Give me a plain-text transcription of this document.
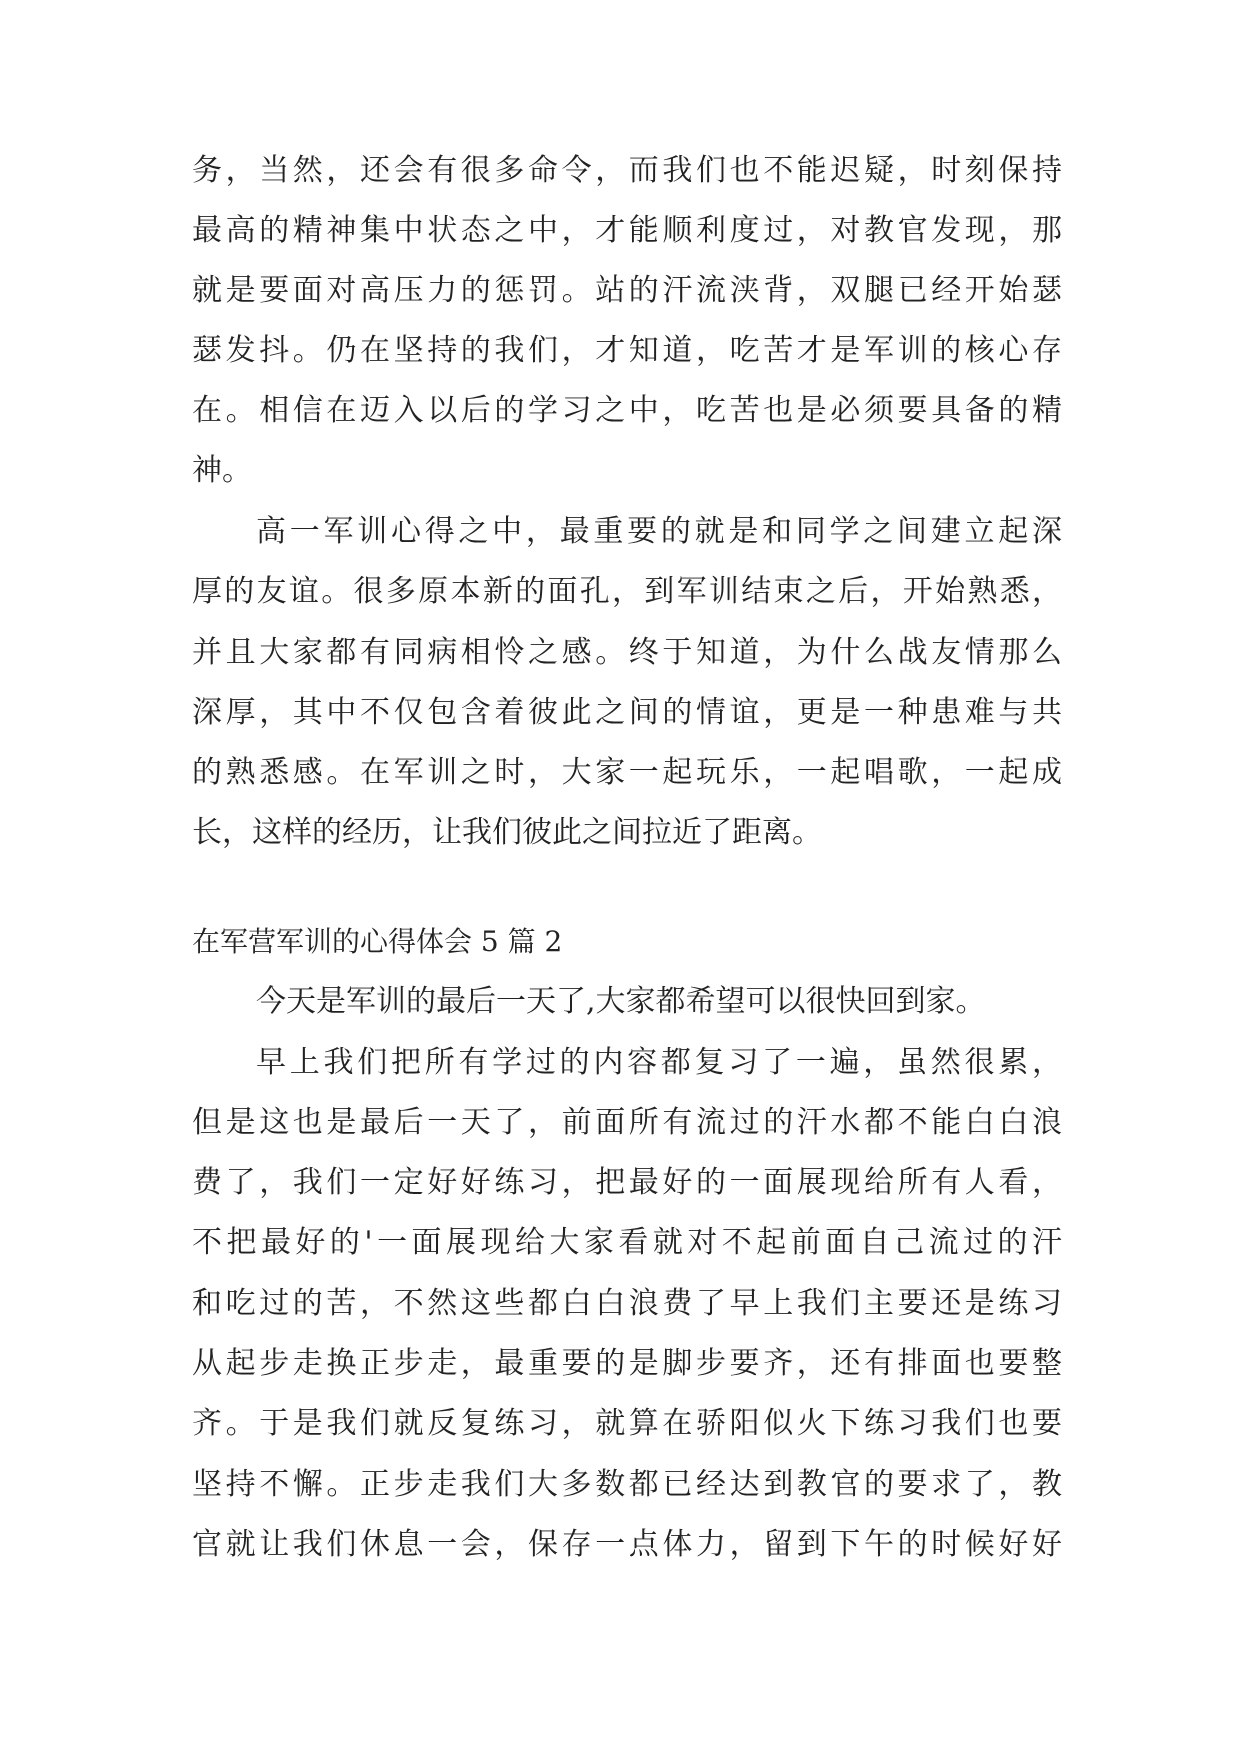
务，当然，还会有很多命令，而我们也不能迟疑，时刻保持
最高的精神集中状态之中，才能顺利度过，对教官发现，那
就是要面对高压力的惩罚。站的汗流浃背，双腿已经开始瑟
瑟发抖。仍在坚持的我们，才知道，吃苦才是军训的核心存
在。相信在迈入以后的学习之中，吃苦也是必须要具备的精
神。
高一军训心得之中，最重要的就是和同学之间建立起深
厚的友谊。很多原本新的面孔，到军训结束之后，开始熟悉，
并且大家都有同病相怜之感。终于知道，为什么战友情那么
深厚，其中不仅包含着彼此之间的情谊，更是一种患难与共
的熟悉感。在军训之时，大家一起玩乐，一起唱歌，一起成
长，这样的经历，让我们彼此之间拉近了距离。
在军营军训的心得体会 5 篇 2
今天是军训的最后一天了,大家都希望可以很快回到家。
早上我们把所有学过的内容都复习了一遍，虽然很累，
但是这也是最后一天了，前面所有流过的汗水都不能白白浪
费了，我们一定好好练习，把最好的一面展现给所有人看，
不把最好的'一面展现给大家看就对不起前面自己流过的汗
和吃过的苦，不然这些都白白浪费了早上我们主要还是练习
从起步走换正步走，最重要的是脚步要齐，还有排面也要整
齐。于是我们就反复练习，就算在骄阳似火下练习我们也要
坚持不懈。正步走我们大多数都已经达到教官的要求了，教
官就让我们休息一会，保存一点体力，留到下午的时候好好
